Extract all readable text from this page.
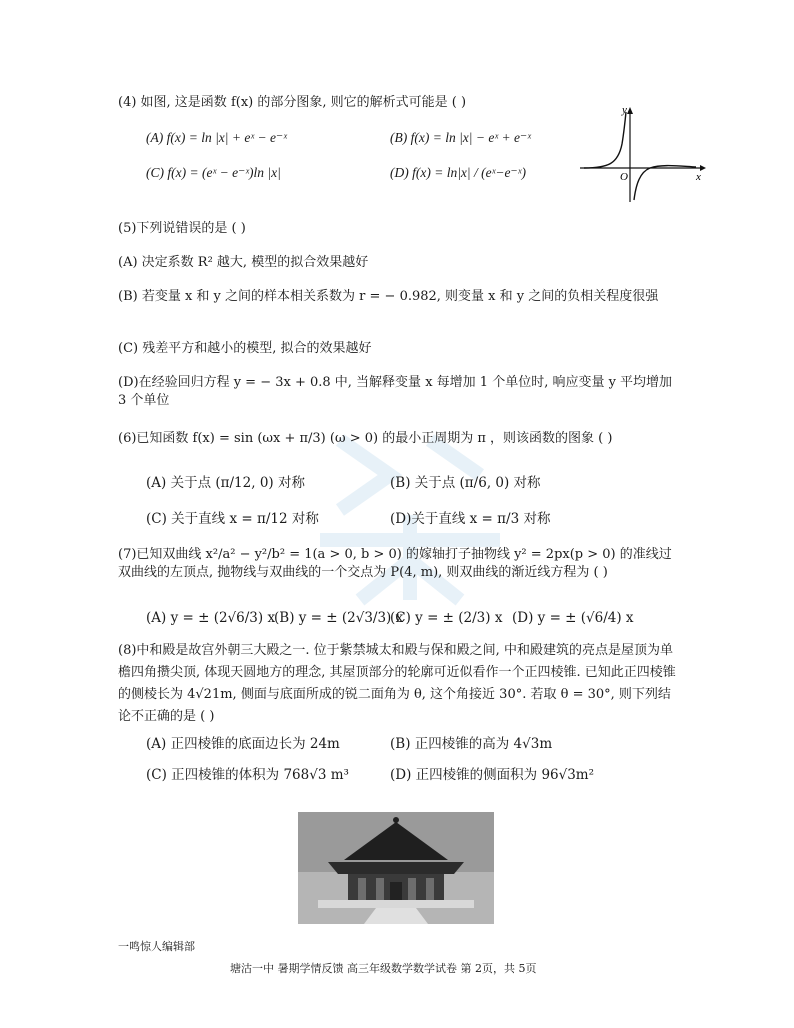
(4) 如图, 这是函数 f(x) 的部分图象, 则它的解析式可能是 ( )
(A) f(x) = ln |x| + eˣ − e⁻ˣ	(B) f(x) = ln |x| − eˣ + e⁻ˣ
(C) f(x) = (eˣ − e⁻ˣ)ln |x|	(D) f(x) = ln|x| / (eˣ−e⁻ˣ)
y
x
O
(5)下列说错误的是 ( )
(A) 决定系数 R² 越大, 模型的拟合效果越好
(B) 若变量 x 和 y 之间的样本相关系数为 r = − 0.982, 则变量 x 和 y 之间的负相关程度很强
(C) 残差平方和越小的模型, 拟合的效果越好
(D)在经验回归方程 y = − 3x + 0.8 中, 当解释变量 x 每增加 1 个单位时, 响应变量 y 平均增加 3 个单位
(6)已知函数 f(x) = sin (ωx + π/3) (ω > 0) 的最小正周期为 π ，则该函数的图象 ( )
(A) 关于点 (π/12, 0) 对称	(B) 关于点 (π/6, 0) 对称
(C) 关于直线 x = π/12 对称	(D)关于直线 x = π/3 对称
(7)已知双曲线 x²/a² − y²/b² = 1(a > 0, b > 0) 的嫁轴打子抽物线 y² = 2px(p > 0) 的准线过双曲线的左顶点, 抛物线与双曲线的一个交点为 P(4, m), 则双曲线的渐近线方程为 ( )
(A) y = ± (2√6/3) x
(B) y = ± (2√3/3) x
(C) y = ± (2/3) x (D) y = ± (√6/4) x
(8)中和殿是故宫外朝三大殿之一. 位于紫禁城太和殿与保和殿之间, 中和殿建筑的亮点是屋顶为单檐四角攒尖顶, 体现天圆地方的理念, 其屋顶部分的轮廓可近似看作一个正四棱锥. 已知此正四棱锥的侧棱长为 4√21m, 侧面与底面所成的锐二面角为 θ, 这个角接近 30°. 若取 θ = 30°, 则下列结论不正确的是 ( )
(A) 正四棱锥的底面边长为 24m	(B) 正四棱锥的高为 4√3m
(C) 正四棱锥的体积为 768√3 m³	(D) 正四棱锥的侧面积为 96√3m²
一鸣惊人编辑部
塘沽一中 暑期学情反馈 高三年级数学数学试卷 第 2页，共 5页
